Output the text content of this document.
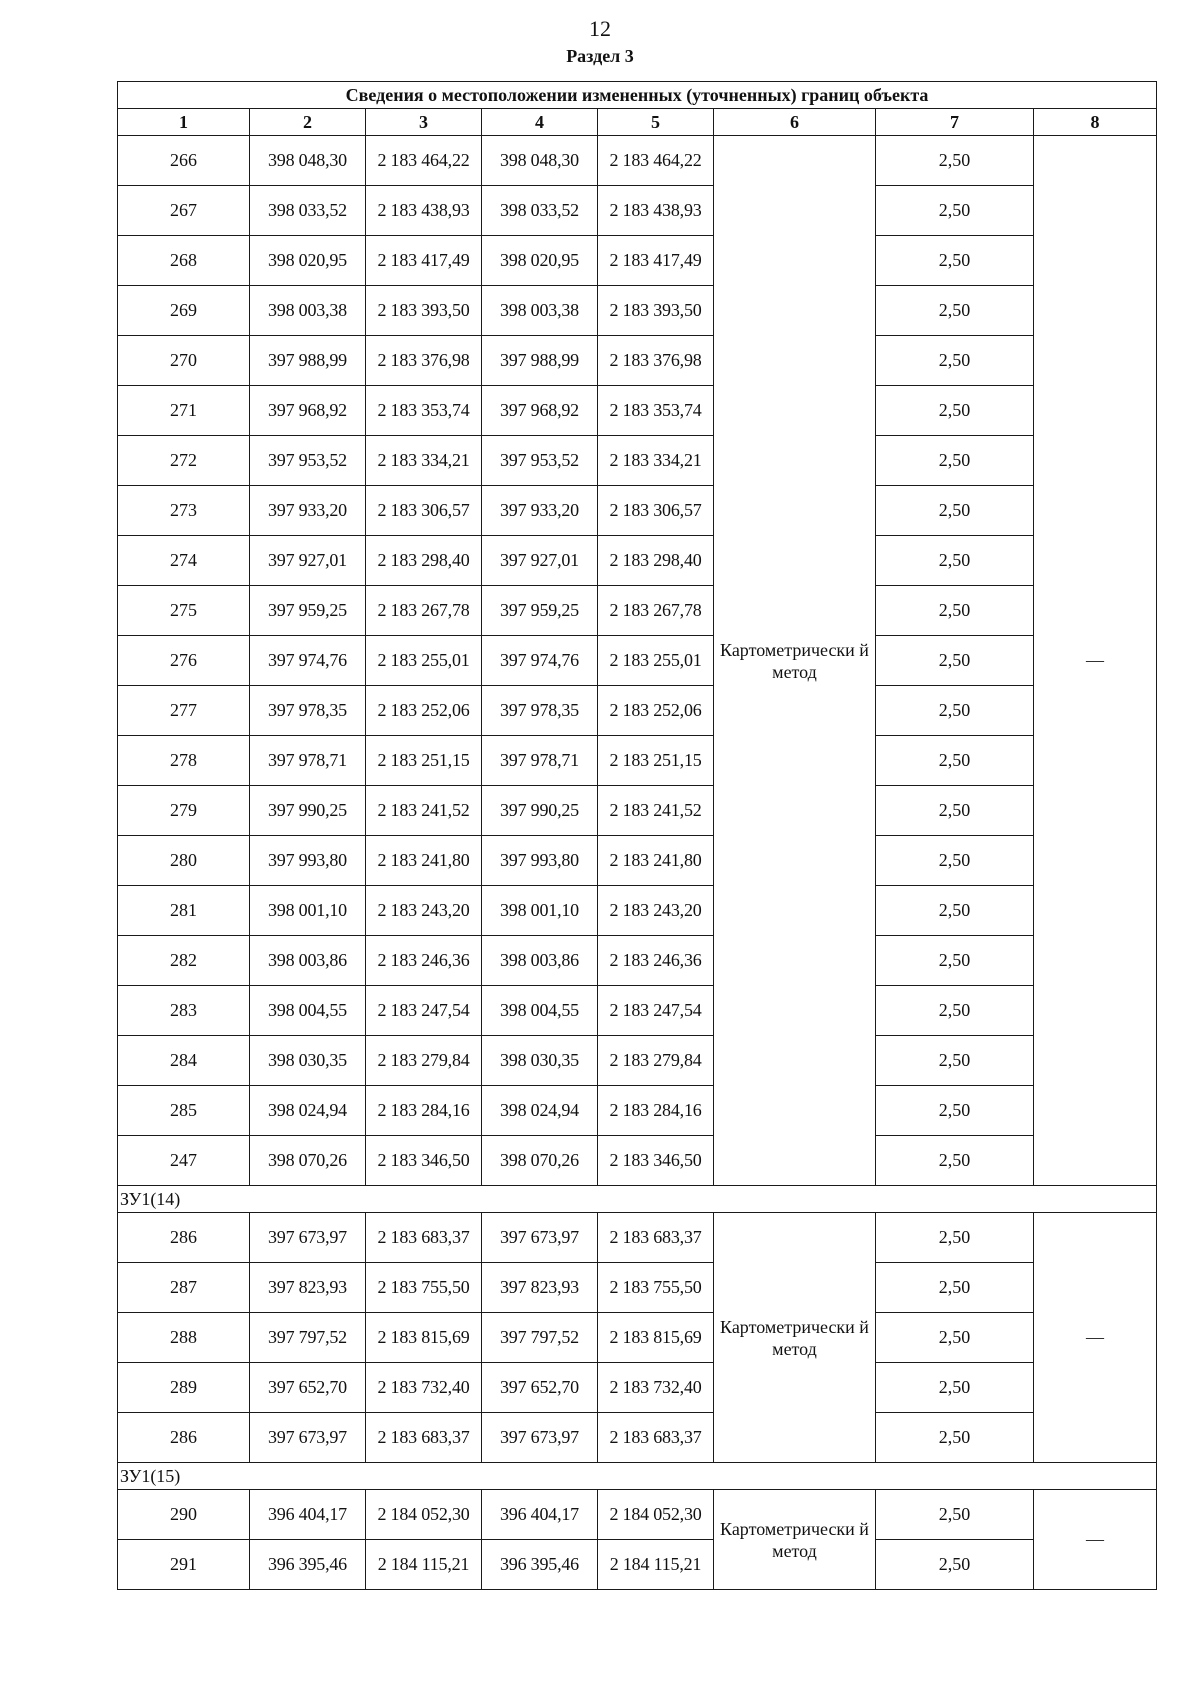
12
Раздел 3
Сведения о местоположении измененных (уточненных) границ объекта							
1	2	3	4	5	6	7	8
266	398 048,30	2 183 464,22	398 048,30	2 183 464,22	Картометрически й метод	2,50	—
267	398 033,52	2 183 438,93	398 033,52	2 183 438,93		2,50	
268	398 020,95	2 183 417,49	398 020,95	2 183 417,49		2,50	
269	398 003,38	2 183 393,50	398 003,38	2 183 393,50		2,50	
270	397 988,99	2 183 376,98	397 988,99	2 183 376,98		2,50	
271	397 968,92	2 183 353,74	397 968,92	2 183 353,74		2,50	
272	397 953,52	2 183 334,21	397 953,52	2 183 334,21		2,50	
273	397 933,20	2 183 306,57	397 933,20	2 183 306,57		2,50	
274	397 927,01	2 183 298,40	397 927,01	2 183 298,40		2,50	
275	397 959,25	2 183 267,78	397 959,25	2 183 267,78		2,50	
276	397 974,76	2 183 255,01	397 974,76	2 183 255,01		2,50	
277	397 978,35	2 183 252,06	397 978,35	2 183 252,06		2,50	
278	397 978,71	2 183 251,15	397 978,71	2 183 251,15		2,50	
279	397 990,25	2 183 241,52	397 990,25	2 183 241,52		2,50	
280	397 993,80	2 183 241,80	397 993,80	2 183 241,80		2,50	
281	398 001,10	2 183 243,20	398 001,10	2 183 243,20		2,50	
282	398 003,86	2 183 246,36	398 003,86	2 183 246,36		2,50	
283	398 004,55	2 183 247,54	398 004,55	2 183 247,54		2,50	
284	398 030,35	2 183 279,84	398 030,35	2 183 279,84		2,50	
285	398 024,94	2 183 284,16	398 024,94	2 183 284,16		2,50	
247	398 070,26	2 183 346,50	398 070,26	2 183 346,50		2,50	
ЗУ1(14)							
286	397 673,97	2 183 683,37	397 673,97	2 183 683,37	Картометрически й метод	2,50	—
287	397 823,93	2 183 755,50	397 823,93	2 183 755,50		2,50	
288	397 797,52	2 183 815,69	397 797,52	2 183 815,69		2,50	
289	397 652,70	2 183 732,40	397 652,70	2 183 732,40		2,50	
286	397 673,97	2 183 683,37	397 673,97	2 183 683,37		2,50	
ЗУ1(15)							
290	396 404,17	2 184 052,30	396 404,17	2 184 052,30	Картометрически й метод	2,50	—
291	396 395,46	2 184 115,21	396 395,46	2 184 115,21		2,50	
